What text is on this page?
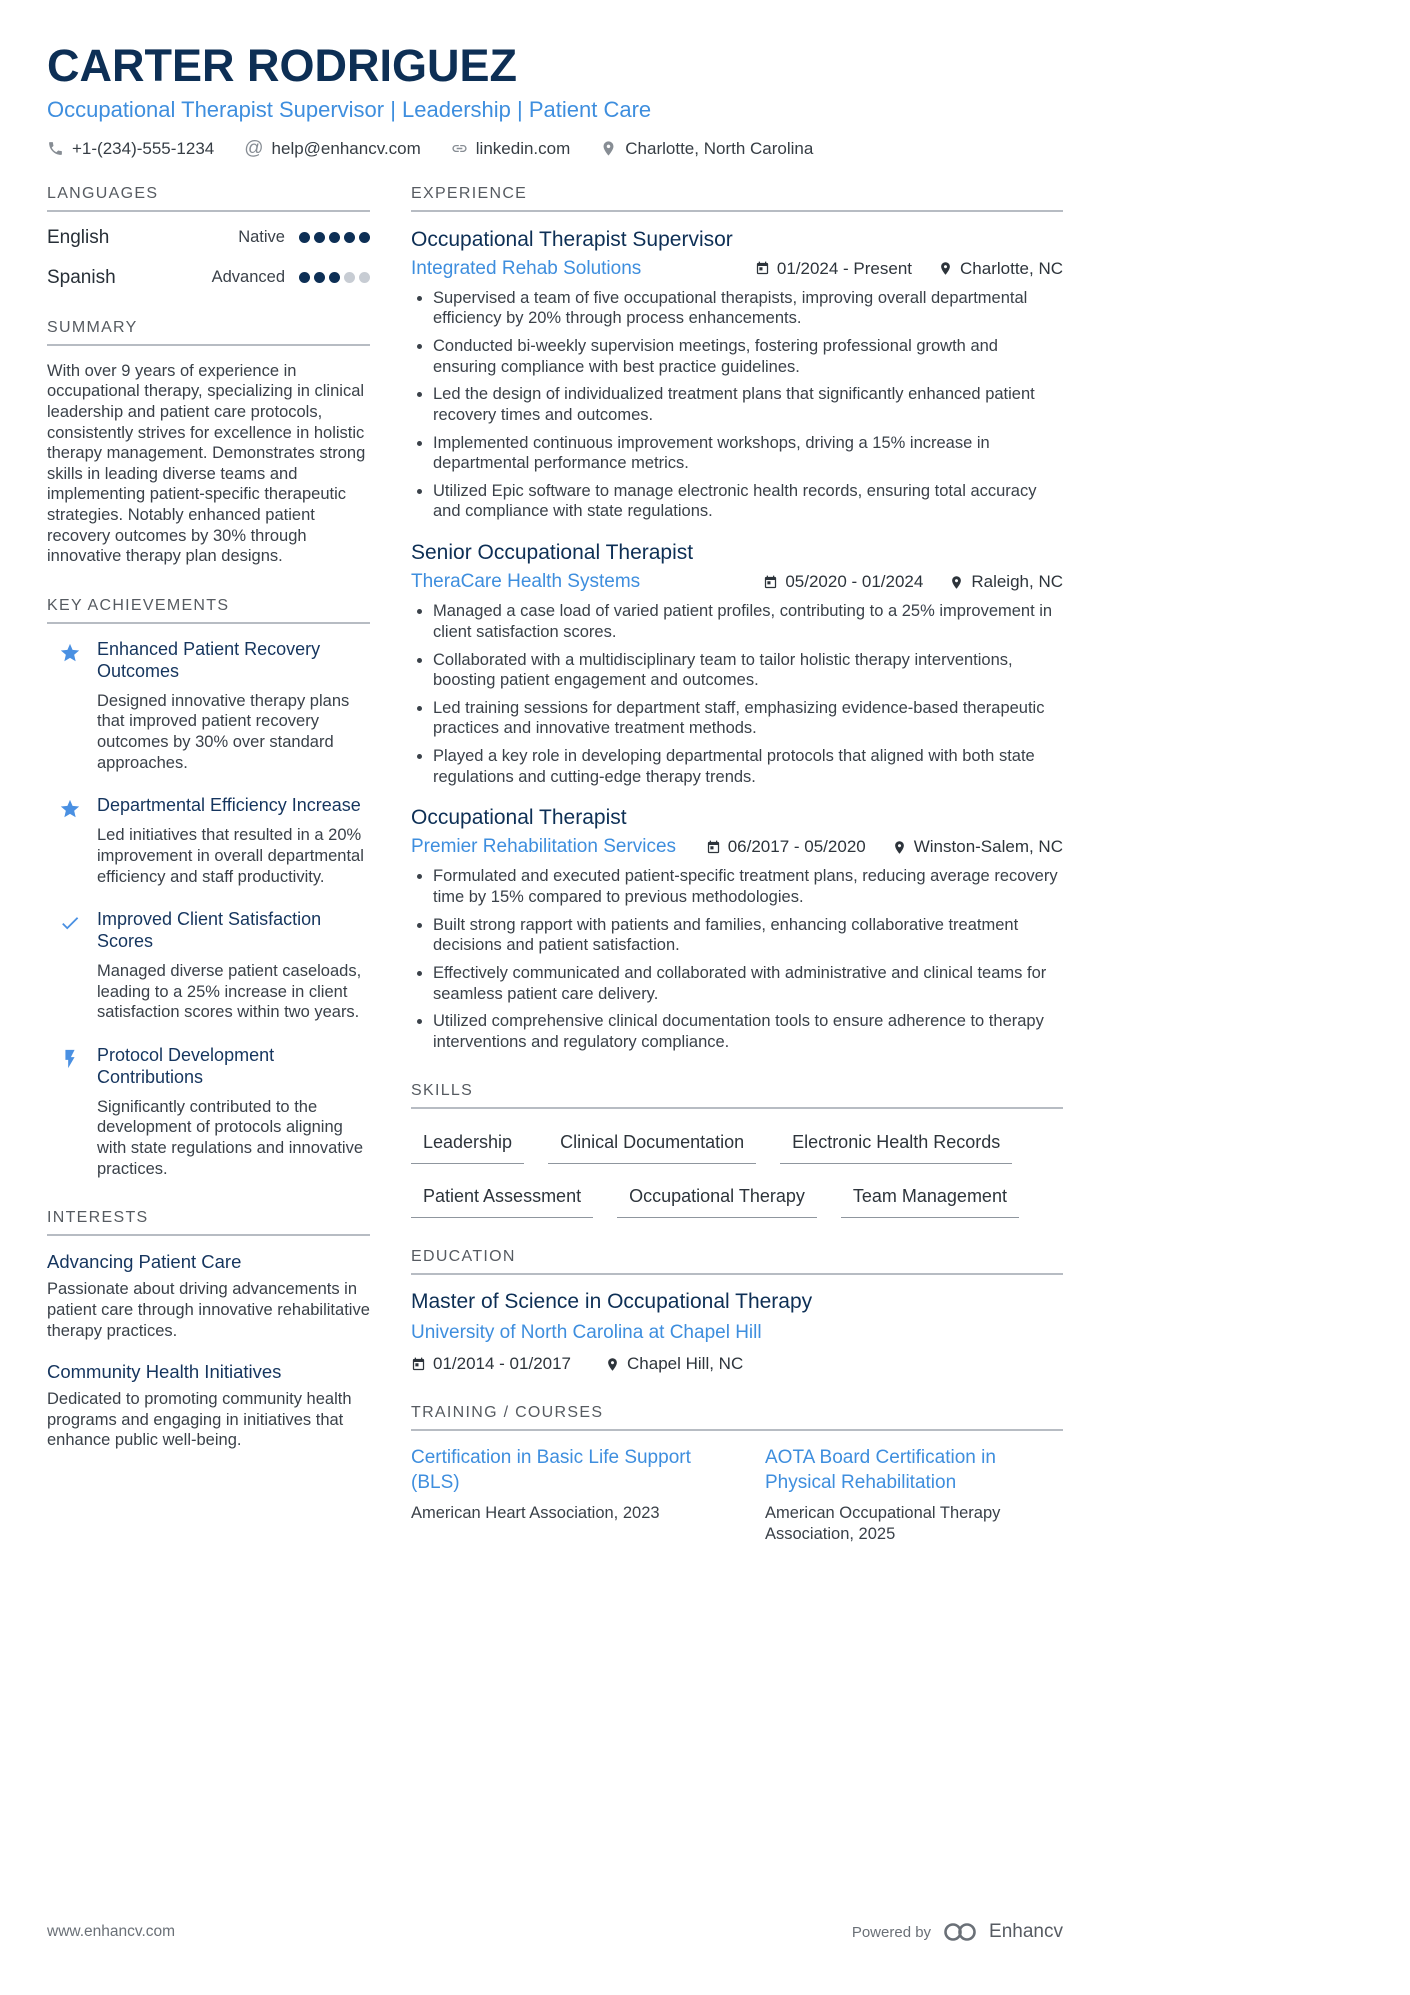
CARTER RODRIGUEZ
Occupational Therapist Supervisor | Leadership | Patient Care
+1-(234)-555-1234 @ help@enhancv.com	linkedin.com	Charlotte, North Carolina
LANGUAGES
English	Native
Spanish	Advanced
SUMMARY

With over 9 years of experience in occupational therapy, specializing in clinical leadership and patient care protocols, consistently strives for excellence in holistic therapy management. Demonstrates strong skills in leading diverse teams and implementing patient-specific therapeutic strategies. Notably enhanced patient recovery outcomes by 30% through innovative therapy plan designs.

KEY ACHIEVEMENTS
Enhanced Patient Recovery Outcomes

Designed innovative therapy plans that improved patient recovery outcomes by 30% over standard approaches.

Departmental Efficiency Increase

Led initiatives that resulted in a 20% improvement in overall departmental efficiency and staff productivity.

Improved Client Satisfaction Scores

Managed diverse patient caseloads, leading to a 25% increase in client satisfaction scores within two years.

Protocol Development Contributions

Significantly contributed to the development of protocols aligning with state regulations and innovative practices.

INTERESTS
Advancing Patient Care

Passionate about driving advancements in patient care through innovative rehabilitative therapy practices.

Community Health Initiatives

Dedicated to promoting community health programs and engaging in initiatives that enhance public well-being.

EXPERIENCE
Occupational Therapist Supervisor
Integrated Rehab Solutions	01/2024 - Present	Charlotte, NC
• Supervised a team of five occupational therapists, improving overall departmental efficiency by 20% through process enhancements.
• Conducted bi-weekly supervision meetings, fostering professional growth and ensuring compliance with best practice guidelines.
• Led the design of individualized treatment plans that significantly enhanced patient recovery times and outcomes.
• Implemented continuous improvement workshops, driving a 15% increase in departmental performance metrics.
• Utilized Epic software to manage electronic health records, ensuring total accuracy and compliance with state regulations.
Senior Occupational Therapist
TheraCare Health Systems	05/2020 - 01/2024	Raleigh, NC
• Managed a case load of varied patient profiles, contributing to a 25% improvement in client satisfaction scores.
• Collaborated with a multidisciplinary team to tailor holistic therapy interventions, boosting patient engagement and outcomes.
• Led training sessions for department staff, emphasizing evidence-based therapeutic practices and innovative treatment methods.
• Played a key role in developing departmental protocols that aligned with both state regulations and cutting-edge therapy trends.
Occupational Therapist
Premier Rehabilitation Services	06/2017 - 05/2020	Winston-Salem, NC
• Formulated and executed patient-specific treatment plans, reducing average recovery time by 15% compared to previous methodologies.
• Built strong rapport with patients and families, enhancing collaborative treatment decisions and patient satisfaction.
• Effectively communicated and collaborated with administrative and clinical teams for seamless patient care delivery.
• Utilized comprehensive clinical documentation tools to ensure adherence to therapy interventions and regulatory compliance.
SKILLS
Leadership	Clinical Documentation	Electronic Health Records
Patient Assessment	Occupational Therapy	Team Management
EDUCATION
Master of Science in Occupational Therapy
University of North Carolina at Chapel Hill
01/2014 - 01/2017	Chapel Hill, NC
TRAINING / COURSES
Certification in Basic Life Support (BLS)

American Heart Association, 2023

AOTA Board Certification in Physical Rehabilitation

American Occupational Therapy Association, 2025

www.enhancv.com	Powered by	Enhancv
